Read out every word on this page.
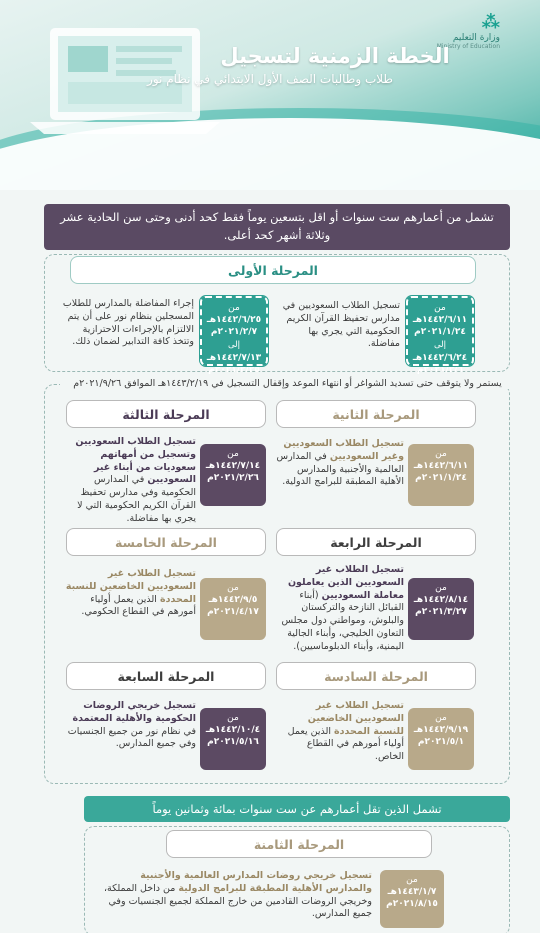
⁂
وزارة التعليم
Ministry of Education
الخطة الزمنية لتسجيل
طلاب وطالبات الصف الأول الابتدائي في نظام نور
تشمل من أعمارهم ست سنوات أو اقل بتسعين يوماً فقط كحد أدنى وحتى سن الحادية عشر وثلاثة أشهر كحد أعلى.
المرحلة الأولى
من
١٤٤٢/٦/١١هـ
٢٠٢١/١/٢٤م
إلى
١٤٤٢/٦/٢٤هـ
٢٠٢١/٢/٦م
تسجيل الطلاب السعوديين في مدارس تحفيظ القرآن الكريم الحكومية التي يجري بها مفاضلة.
من
١٤٤٢/٦/٢٥هـ
٢٠٢١/٢/٧م
إلى
١٤٤٢/٧/١٣هـ
٢٠٢١/٢/٢٥م
إجراء المفاضلة بالمدارس للطلاب المسجلين بنظام نور على أن يتم الالتزام بالإجراءات الاحترازية وتتخذ كافة التدابير لضمان ذلك.
يستمر ولا يتوقف حتى تسديد الشواغر أو انتهاء الموعد وإقفال التسجيل في ١٤٤٣/٢/١٩هـ الموافق ٢٠٢١/٩/٢٦م
المرحلة الثانية
من
١٤٤٢/٦/١١هـ
٢٠٢١/١/٢٤م
تسجيل الطلاب السعوديين وغير السعوديين في المدارس العالمية والأجنبية والمدارس الأهلية المطبقة للبرامج الدولية.
المرحلة الثالثة
من
١٤٤٢/٧/١٤هـ
٢٠٢١/٢/٢٦م
تسجيل الطلاب السعوديين وتسجيل من أمهاتهم سعوديات من أبناء غير السعوديين في المدارس الحكومية وفي مدارس تحفيظ القرآن الكريم الحكومية التي لا يجري بها مفاضلة.
المرحلة الرابعة
من
١٤٤٢/٨/١٤هـ
٢٠٢١/٣/٢٧م
تسجيل الطلاب غير السعوديين الذين يعاملون معاملة السعوديين (أبناء القبائل النازحة والتركستان والبلوش، ومواطني دول مجلس التعاون الخليجي، وأبناء الجالية اليمنية، وأبناء الدبلوماسيين).
المرحلة الخامسة
من
١٤٤٢/٩/٥هـ
٢٠٢١/٤/١٧م
تسجيل الطلاب غير السعوديين الخاضعين للنسبة المحددة الذين يعمل أولياء أمورهم في القطاع الحكومي.
المرحلة السادسة
من
١٤٤٢/٩/١٩هـ
٢٠٢١/٥/١م
تسجيل الطلاب غير السعوديين الخاضعين للنسبة المحددة الذين يعمل أولياء أمورهم في القطاع الخاص.
المرحلة السابعة
من
١٤٤٢/١٠/٤هـ
٢٠٢١/٥/١٦م
تسجيل خريجي الروضات الحكومية والأهلية المعتمدة في نظام نور من جميع الجنسيات وفي جميع المدارس.
تشمل الذين تقل أعمارهم عن ست سنوات بمائة وثمانين يوماً
المرحلة الثامنة
من
١٤٤٣/١/٧هـ
٢٠٢١/٨/١٥م
تسجيل خريجي روضات المدارس العالمية والأجنبية والمدارس الأهلية المطبقة للبرامج الدولية من داخل المملكة، وخريجي الروضات القادمين من خارج المملكة لجميع الجنسيات وفي جميع المدارس.
